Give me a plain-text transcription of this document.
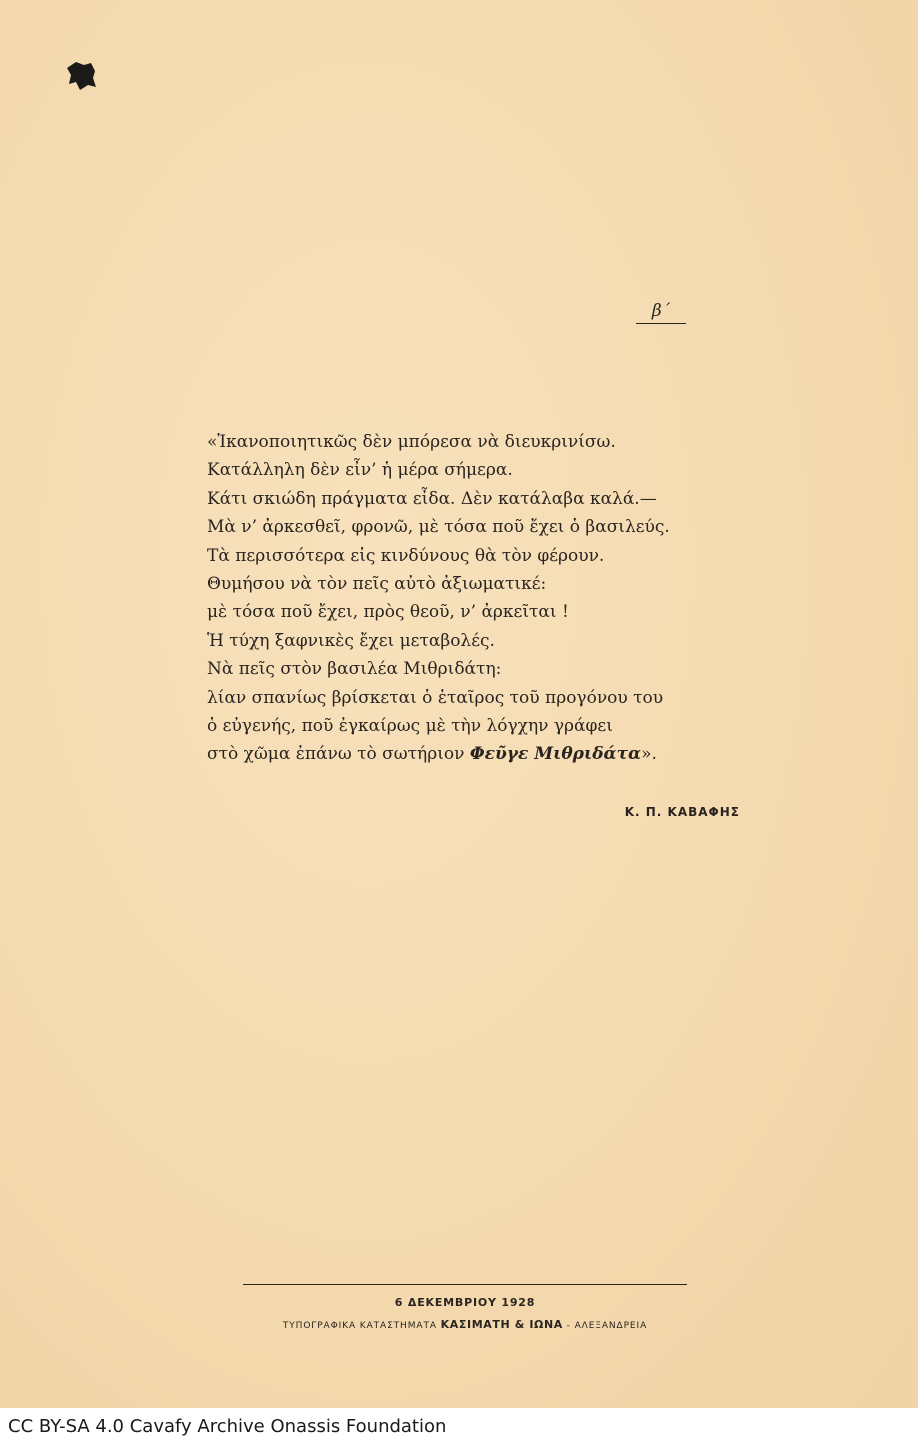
β΄
«Ἱκανοποιητικῶς δὲν μπόρεσα νὰ διευκρινίσω.
Κατάλληλη δὲν εἶν’ ἡ μέρα σήμερα.
Κάτι σκιώδη πράγματα εἶδα. Δὲν κατάλαβα καλά.—
Μὰ ν’ ἀρκεσθεῖ, φρονῶ, μὲ τόσα ποῦ ἔχει ὁ βασιλεύς.
Τὰ περισσότερα εἰς κινδύνους θὰ τὸν φέρουν.
Θυμήσου νὰ τὸν πεῖς αὐτὸ ἀξιωματικέ:
μὲ τόσα ποῦ ἔχει, πρὸς θεοῦ, ν’ ἀρκεῖται !
Ἡ τύχη ξαφνικὲς ἔχει μεταβολές.
Νὰ πεῖς στὸν βασιλέα Μιθριδάτη:
λίαν σπανίως βρίσκεται ὁ ἑταῖρος τοῦ προγόνου του
ὁ εὐγενής, ποῦ ἐγκαίρως μὲ τὴν λόγχην γράφει
στὸ χῶμα ἐπάνω τὸ σωτήριον Φεῦγε Μιθριδάτα».
Κ. Π. ΚΑΒΑΦΗΣ
6 ΔΕΚΕΜΒΡΙΟΥ 1928
ΤΥΠΟΓΡΑΦΙΚΑ ΚΑΤΑΣΤΗΜΑΤΑ ΚΑΣΙΜΑΤΗ & ΙΩΝΑ - ΑΛΕΞΑΝΔΡΕΙΑ
CC BY-SA 4.0 Cavafy Archive Onassis Foundation
